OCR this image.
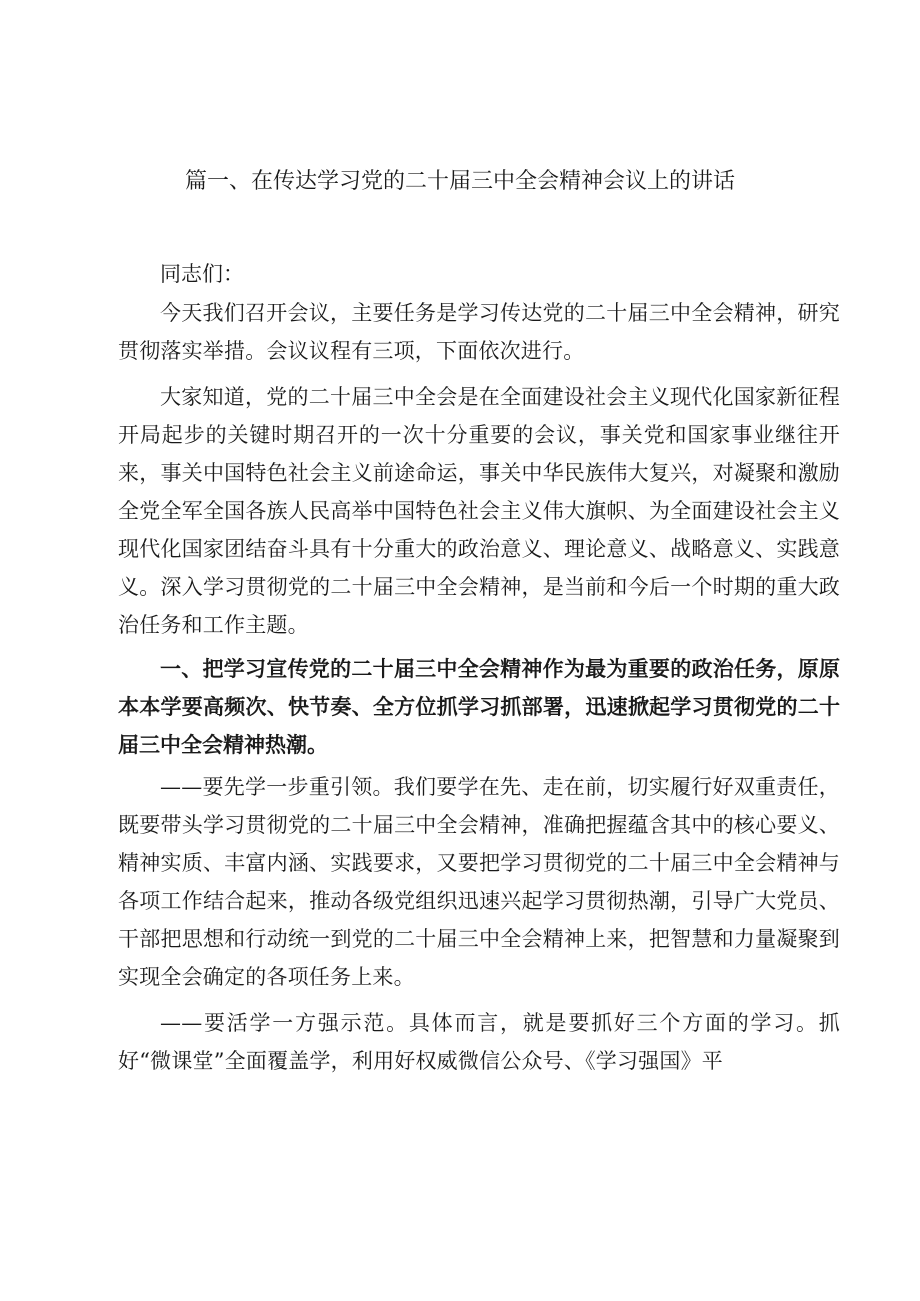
篇一、在传达学习党的二十届三中全会精神会议上的讲话

同志们：

今天我们召开会议，主要任务是学习传达党的二十届三中全会精神，研究贯彻落实举措。会议议程有三项，下面依次进行。

大家知道，党的二十届三中全会是在全面建设社会主义现代化国家新征程开局起步的关键时期召开的一次十分重要的会议，事关党和国家事业继往开来，事关中国特色社会主义前途命运，事关中华民族伟大复兴，对凝聚和激励全党全军全国各族人民高举中国特色社会主义伟大旗帜、为全面建设社会主义现代化国家团结奋斗具有十分重大的政治意义、理论意义、战略意义、实践意义。深入学习贯彻党的二十届三中全会精神，是当前和今后一个时期的重大政治任务和工作主题。

一、把学习宣传党的二十届三中全会精神作为最为重要的政治任务，原原本本学要高频次、快节奏、全方位抓学习抓部署，迅速掀起学习贯彻党的二十届三中全会精神热潮。

——要先学一步重引领。我们要学在先、走在前，切实履行好双重责任，既要带头学习贯彻党的二十届三中全会精神，准确把握蕴含其中的核心要义、精神实质、丰富内涵、实践要求，又要把学习贯彻党的二十届三中全会精神与各项工作结合起来，推动各级党组织迅速兴起学习贯彻热潮，引导广大党员、干部把思想和行动统一到党的二十届三中全会精神上来，把智慧和力量凝聚到实现全会确定的各项任务上来。

——要活学一方强示范。具体而言，就是要抓好三个方面的学习。抓好“微课堂”全面覆盖学，利用好权威微信公众号、《学习强国》平
